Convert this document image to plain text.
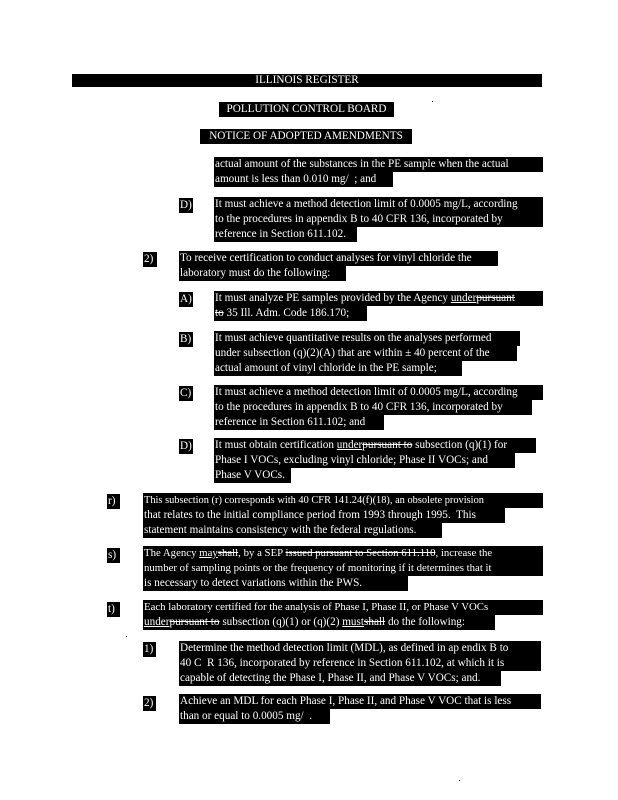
ILLINOIS REGISTER
POLLUTION CONTROL BOARD
NOTICE OF ADOPTED AMENDMENTS
actual amount of the substances in the PE sample when the actual
amount is less than 0.010 mg/  ; and
D) It must achieve a method detection limit of 0.0005 mg/L, according
to the procedures in appendix B to 40 CFR 136, incorporated by
reference in Section 611.102.
2)	To receive certification to conduct analyses for vinyl chloride the
laboratory must do the following:
A) It must analyze PE samples provided by the Agency underpursuant
to 35 Ill. Adm. Code 186.170;
B) It must achieve quantitative results on the analyses performed
under subsection (q)(2)(A) that are within ± 40 percent of the
actual amount of vinyl chloride in the PE sample;
C) It must achieve a method detection limit of 0.0005 mg/L, according
to the procedures in appendix B to 40 CFR 136, incorporated by
reference in Section 611.102; and
D) It must obtain certification underpursuant to subsection (q)(1) for
Phase I VOCs, excluding vinyl chloride; Phase II VOCs; and
Phase V VOCs.
r)	This subsection (r) corresponds with 40 CFR 141.24(f)(18), an obsolete provision
that relates to the initial compliance period from 1993 through 1995.  This
statement maintains consistency with the federal regulations.
s)	The Agency mayshall, by a SEP issued pursuant to Section 611.110, increase the
number of sampling points or the frequency of monitoring if it determines that it
is necessary to detect variations within the PWS.
t)	Each laboratory certified for the analysis of Phase I, Phase II, or Phase V VOCs
underpursuant to subsection (q)(1) or (q)(2) mustshall do the following:
1) Determine the method detection limit (MDL), as defined in ap endix B to
40 C  R 136, incorporated by reference in Section 611.102, at which it is
capable of detecting the Phase I, Phase II, and Phase V VOCs; and.
2) Achieve an MDL for each Phase I, Phase II, and Phase V VOC that is less
than or equal to 0.0005 mg/  .
